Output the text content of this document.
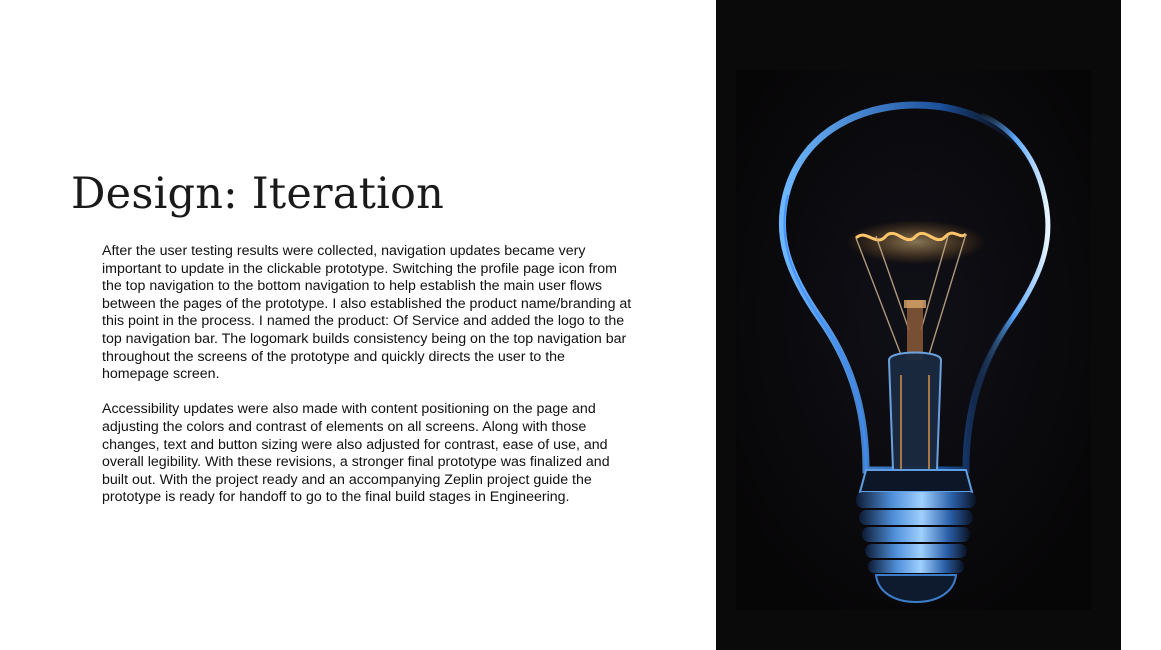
Design: Iteration

After the user testing results were collected, navigation updates became very important to update in the clickable prototype. Switching the profile page icon from the top navigation to the bottom navigation to help establish the main user flows between the pages of the prototype. I also established the product name/branding at this point in the process. I named the product: Of Service and added the logo to the top navigation bar. The logomark builds consistency being on the top navigation bar throughout the screens of the prototype and quickly directs the user to the homepage screen.

Accessibility updates were also made with content positioning on the page and adjusting the colors and contrast of elements on all screens. Along with those changes, text and button sizing were also adjusted for contrast, ease of use, and overall legibility. With these revisions, a stronger final prototype was finalized and built out. With the project ready and an accompanying Zeplin project guide the prototype is ready for handoff to go to the final build stages in Engineering.
